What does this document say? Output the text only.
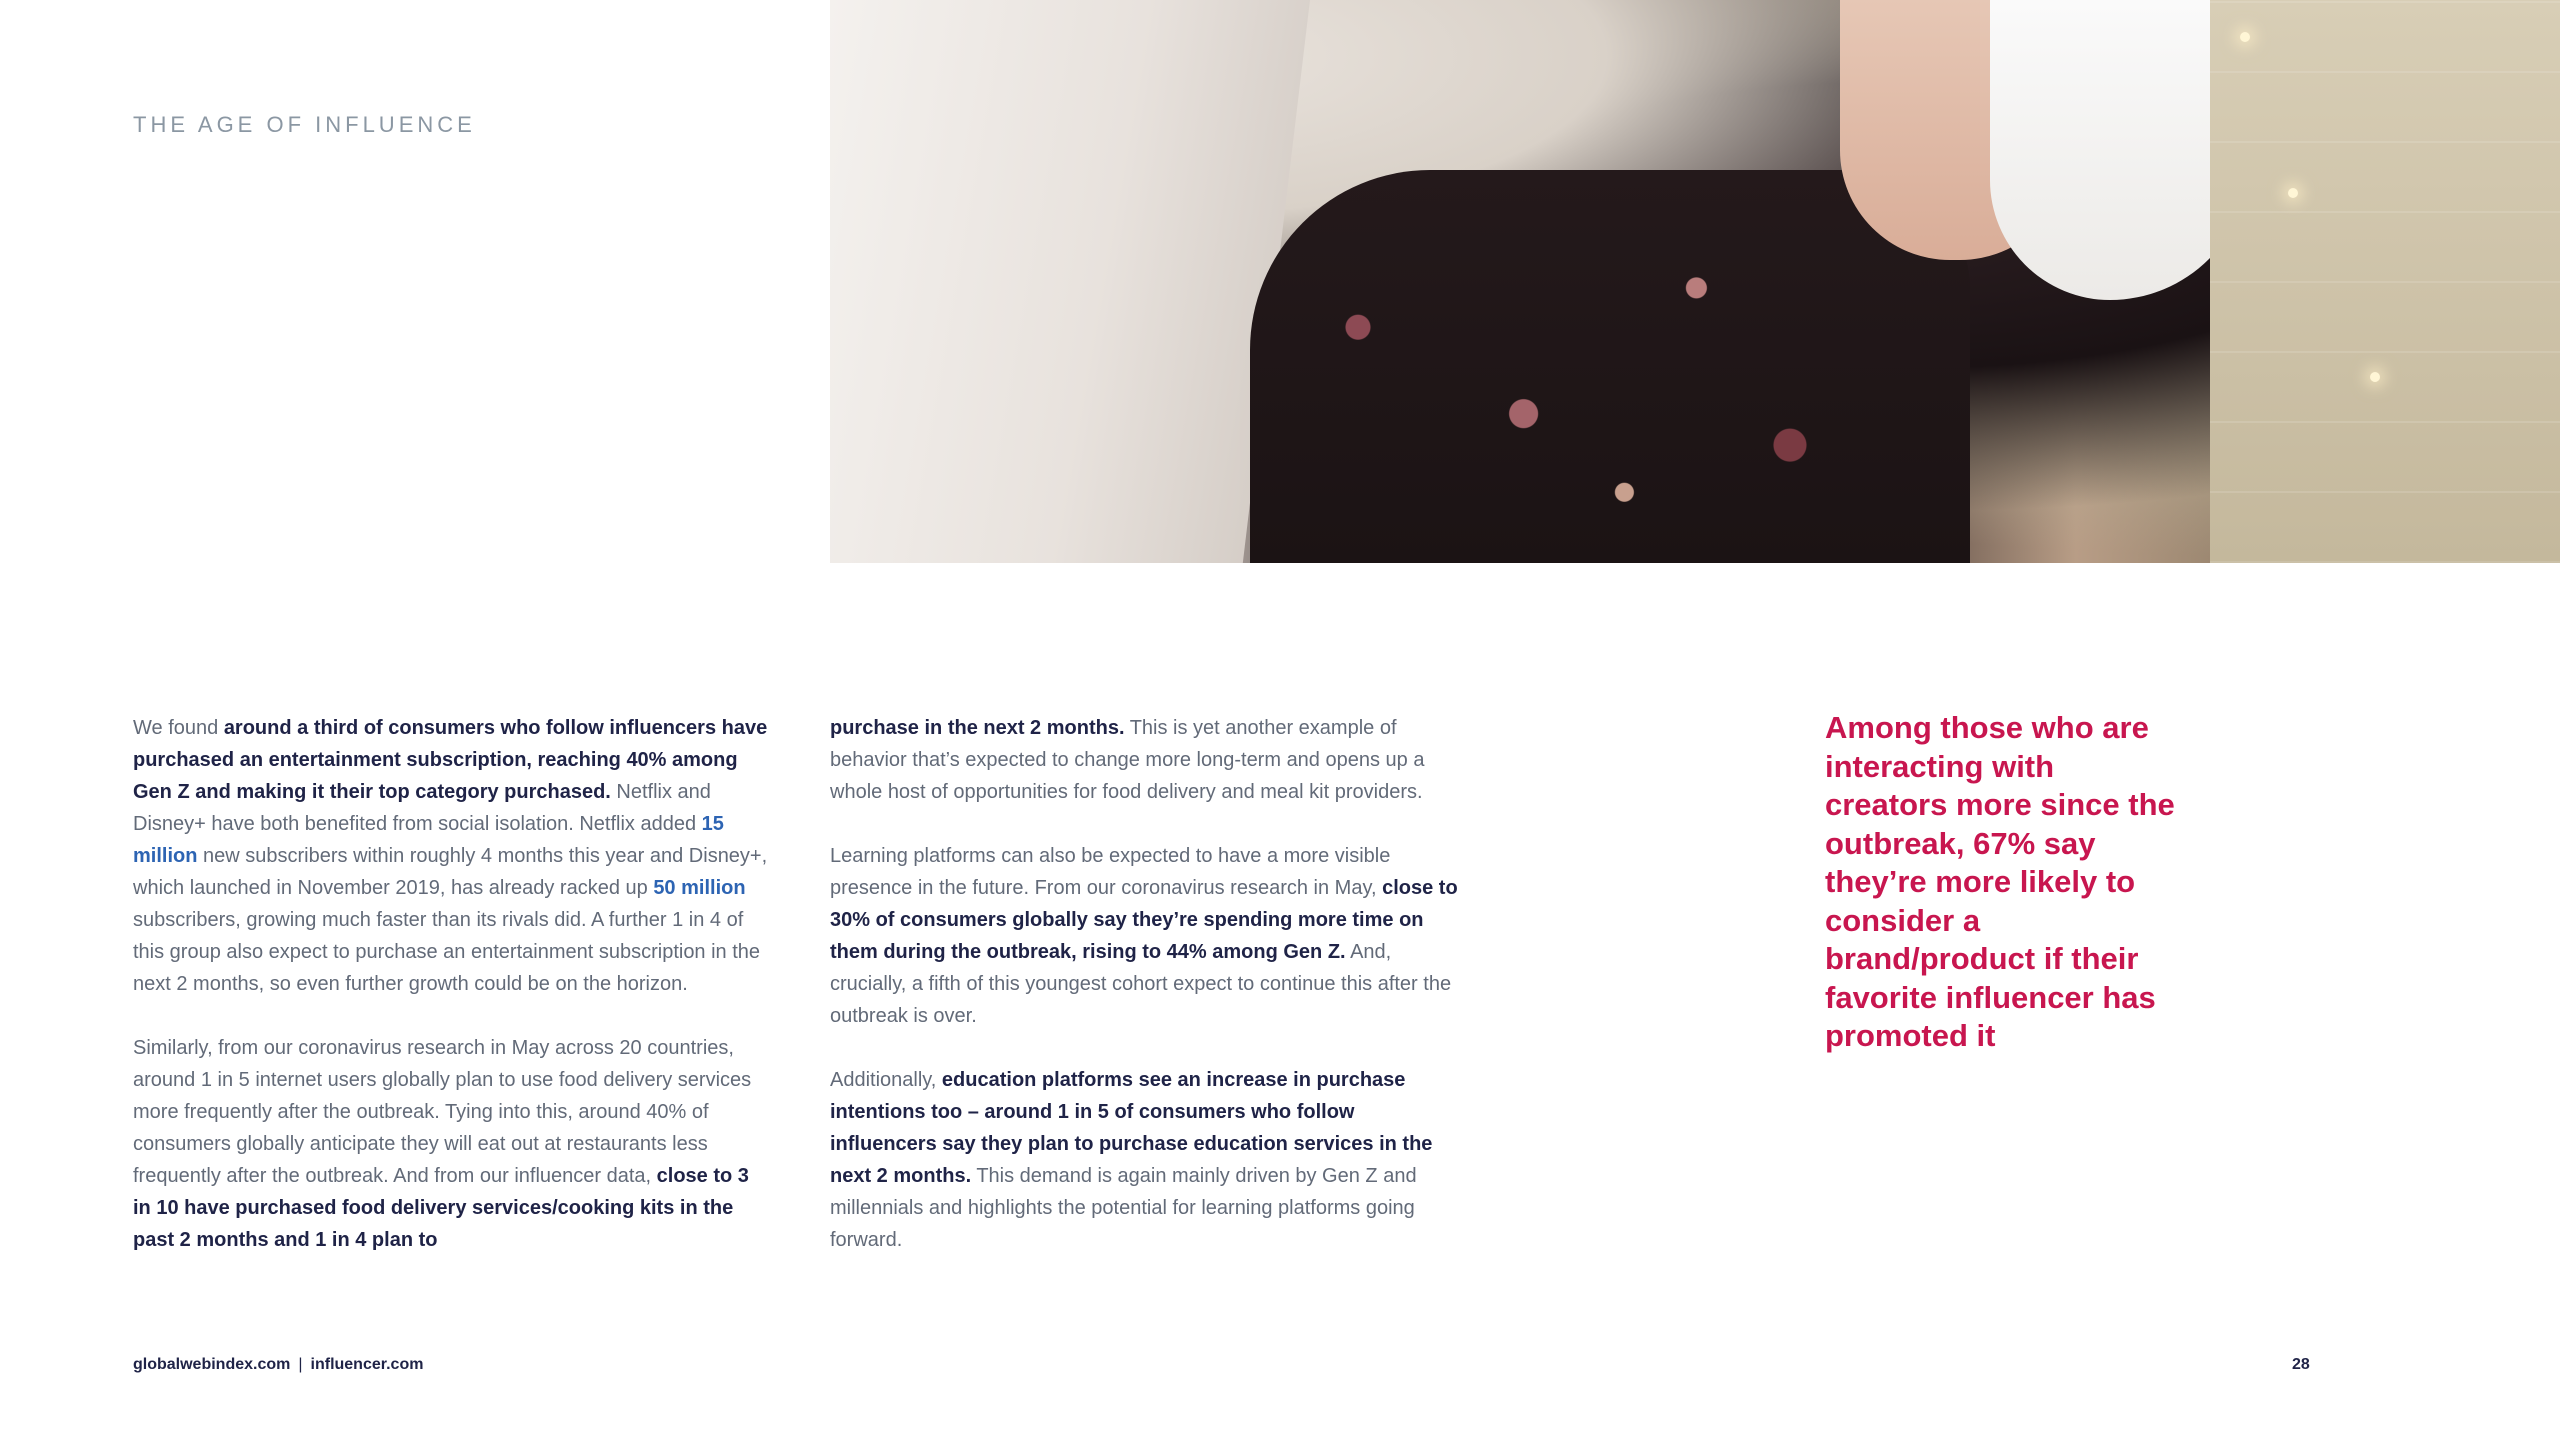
THE AGE OF INFLUENCE

We found around a third of consumers who follow influencers have purchased an entertainment subscription, reaching 40% among Gen Z and making it their top category purchased. Netflix and Disney+ have both benefited from social isolation. Netflix added 15 million new subscribers within roughly 4 months this year and Disney+, which launched in November 2019, has already racked up 50 million subscribers, growing much faster than its rivals did. A further 1 in 4 of this group also expect to purchase an entertainment subscription in the next 2 months, so even further growth could be on the horizon.

Similarly, from our coronavirus research in May across 20 countries, around 1 in 5 internet users globally plan to use food delivery services more frequently after the outbreak. Tying into this, around 40% of consumers globally anticipate they will eat out at restaurants less frequently after the outbreak. And from our influencer data, close to 3 in 10 have purchased food delivery services/cooking kits in the past 2 months and 1 in 4 plan to

purchase in the next 2 months. This is yet another example of behavior that’s expected to change more long-term and opens up a whole host of opportunities for food delivery and meal kit providers.

Learning platforms can also be expected to have a more visible presence in the future. From our coronavirus research in May, close to 30% of consumers globally say they’re spending more time on them during the outbreak, rising to 44% among Gen Z. And, crucially, a fifth of this youngest cohort expect to continue this after the outbreak is over.

Additionally, education platforms see an increase in purchase intentions too – around 1 in 5 of consumers who follow influencers say they plan to purchase education services in the next 2 months. This demand is again mainly driven by Gen Z and millennials and highlights the potential for learning platforms going forward.

Among those who are interacting with creators more since the outbreak, 67% say they’re more likely to consider a brand/product if their favorite influencer has promoted it
globalwebindex.com | influencer.com	28
